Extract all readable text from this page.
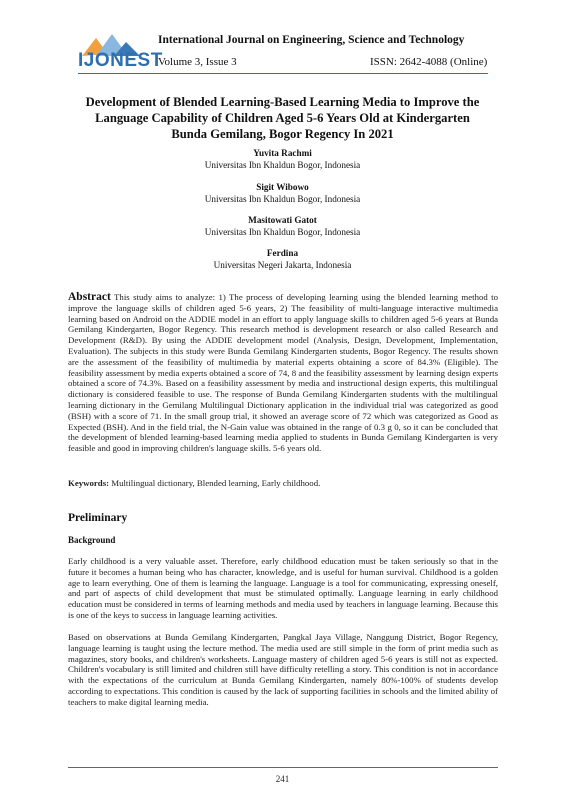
IJONEST
International Journal on Engineering, Science and Technology
Volume 3, Issue 3	ISSN: 2642-4088 (Online)
Development of Blended Learning-Based Learning Media to Improve the
Language Capability of Children Aged 5-6 Years Old at Kindergarten
Bunda Gemilang, Bogor Regency In 2021
Yuvita Rachmi
Universitas Ibn Khaldun Bogor, Indonesia
Sigit Wibowo
Universitas Ibn Khaldun Bogor, Indonesia
Masitowati Gatot
Universitas Ibn Khaldun Bogor, Indonesia
Ferdina
Universitas Negeri Jakarta, Indonesia
Abstract This study aims to analyze: 1) The process of developing learning using the blended learning method to improve the language skills of children aged 5-6 years, 2) The feasibility of multi-language interactive multimedia learning based on Android on the ADDIE model in an effort to apply language skills to children aged 5-6 years at Bunda Gemilang Kindergarten, Bogor Regency. This research method is development research or also called Research and Development (R&D). By using the ADDIE development model (Analysis, Design, Development, Implementation, Evaluation). The subjects in this study were Bunda Gemilang Kindergarten students, Bogor Regency. The results shown are the assessment of the feasibility of multimedia by material experts obtaining a score of 84.3% (Eligible). The feasibility assessment by media experts obtained a score of 74, 8 and the feasibility assessment by learning design experts obtained a score of 74.3%. Based on a feasibility assessment by media and instructional design experts, this multilingual dictionary is considered feasible to use. The response of Bunda Gemilang Kindergarten students with the multilingual learning dictionary in the Gemilang Multilingual Dictionary application in the individual trial was categorized as good (BSH) with a score of 71. In the small group trial, it showed an average score of 72 which was categorized as Good as Expected (BSH). And in the field trial, the N-Gain value was obtained in the range of 0.3 g 0, so it can be concluded that the development of blended learning-based learning media applied to students in Bunda Gemilang Kindergarten is very feasible and good in improving children's language skills. 5-6 years old.
Keywords: Multilingual dictionary, Blended learning, Early childhood.
Preliminary
Background
Early childhood is a very valuable asset. Therefore, early childhood education must be taken seriously so that in the future it becomes a human being who has character, knowledge, and is useful for human survival. Childhood is a golden age to learn everything. One of them is learning the language. Language is a tool for communicating, expressing oneself, and part of aspects of child development that must be stimulated optimally. Language learning in early childhood education must be considered in terms of learning methods and media used by teachers in language learning. Because this is one of the keys to success in language learning activities.
Based on observations at Bunda Gemilang Kindergarten, Pangkal Jaya Village, Nanggung District, Bogor Regency, language learning is taught using the lecture method. The media used are still simple in the form of print media such as magazines, story books, and children's worksheets. Language mastery of children aged 5-6 years is still not as expected. Children's vocabulary is still limited and children still have difficulty retelling a story. This condition is not in accordance with the expectations of the curriculum at Bunda Gemilang Kindergarten, namely 80%-100% of students develop according to expectations. This condition is caused by the lack of supporting facilities in schools and the limited ability of teachers to make digital learning media.
241
